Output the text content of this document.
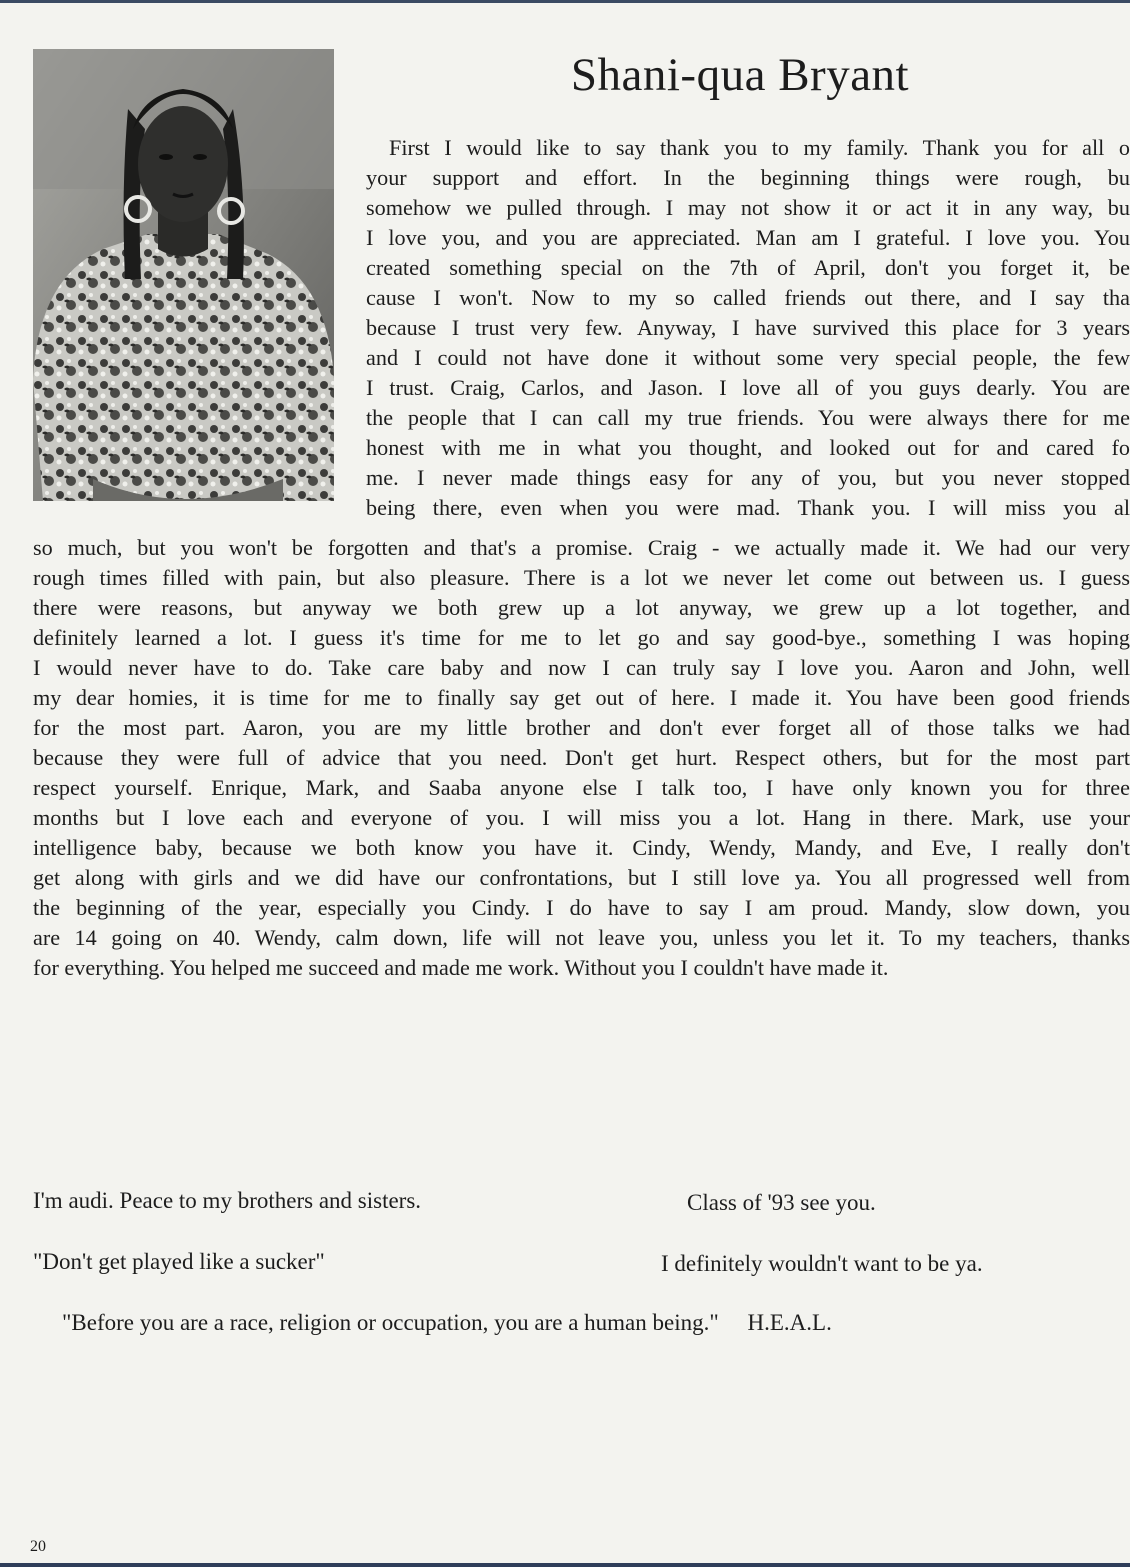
Shani-qua Bryant
First I would like to say thank you to my family. Thank you for all o
your support and effort. In the beginning things were rough, bu
somehow we pulled through. I may not show it or act it in any way, bu
I love you, and you are appreciated. Man am I grateful. I love you. You
created something special on the 7th of April, don't you forget it, be
cause I won't. Now to my so called friends out there, and I say tha
because I trust very few. Anyway, I have survived this place for 3 years
and I could not have done it without some very special people, the few
I trust. Craig, Carlos, and Jason. I love all of you guys dearly. You are
the people that I can call my true friends. You were always there for me
honest with me in what you thought, and looked out for and cared fo
me. I never made things easy for any of you, but you never stopped
being there, even when you were mad. Thank you. I will miss you al
so much, but you won't be forgotten and that's a promise. Craig - we actually made it. We had our very
rough times filled with pain, but also pleasure. There is a lot we never let come out between us. I guess
there were reasons, but anyway we both grew up a lot anyway, we grew up a lot together, and
definitely learned a lot. I guess it's time for me to let go and say good-bye., something I was hoping
I would never have to do. Take care baby and now I can truly say I love you. Aaron and John, well
my dear homies, it is time for me to finally say get out of here. I made it. You have been good friends
for the most part. Aaron, you are my little brother and don't ever forget all of those talks we had
because they were full of advice that you need. Don't get hurt. Respect others, but for the most part
respect yourself. Enrique, Mark, and Saaba anyone else I talk too, I have only known you for three
months but I love each and everyone of you. I will miss you a lot. Hang in there. Mark, use your
intelligence baby, because we both know you have it. Cindy, Wendy, Mandy, and Eve, I really don't
get along with girls and we did have our confrontations, but I still love ya. You all progressed well from
the beginning of the year, especially you Cindy. I do have to say I am proud. Mandy, slow down, you
are 14 going on 40. Wendy, calm down, life will not leave you, unless you let it. To my teachers, thanks
for everything. You helped me succeed and made me work. Without you I couldn't have made it.

I'm audi. Peace to my brothers and sisters.	Class of '93 see you.

"Don't get played like a sucker"	I definitely wouldn't want to be ya.

"Before you are a race, religion or occupation, you are a human being."     H.E.A.L.

20
